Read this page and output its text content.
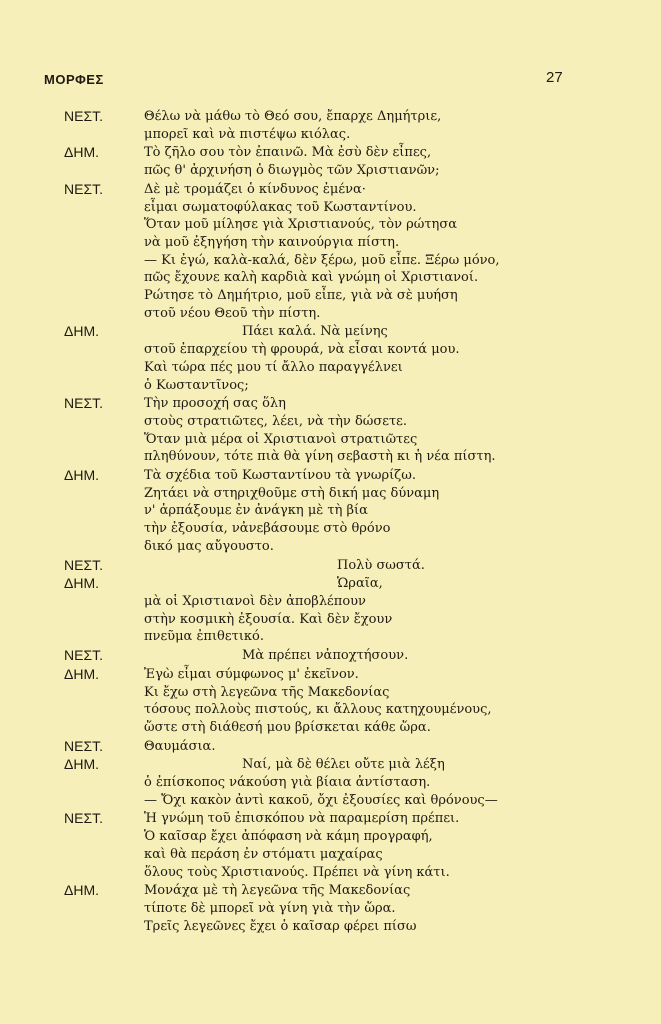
ΜΟΡΦΕΣ	27
ΝΕΣΤ.	Θέλω νὰ μάθω τὸ Θεό σου, ἔπαρχε Δημήτριε,
μπορεῖ καὶ νὰ πιστέψω κιόλας.
ΔΗΜ.	Τὸ ζῆλο σου τὸν ἐπαινῶ. Μὰ ἐσὺ δὲν εἶπες,
πῶς θ' ἀρχινήση ὁ διωγμὸς τῶν Χριστιανῶν;
ΝΕΣΤ.	Δὲ μὲ τρομάζει ὁ κίνδυνος ἐμένα·
εἶμαι σωματοφύλακας τοῦ Κωσταντίνου.
Ὅταν μοῦ μίλησε γιὰ Χριστιανούς, τὸν ρώτησα
νὰ μοῦ ἐξηγήση τὴν καινούργια πίστη.
— Κι ἐγώ, καλὰ-καλά, δὲν ξέρω, μοῦ εἶπε. Ξέρω μόνο,
πῶς ἔχουνε καλὴ καρδιὰ καὶ γνώμη οἱ Χριστιανοί.
Ρώτησε τὸ Δημήτριο, μοῦ εἶπε, γιὰ νὰ σὲ μυήση
στοῦ νέου Θεοῦ τὴν πίστη.
ΔΗΜ.	Πάει καλά. Νὰ μείνης
στοῦ ἐπαρχείου τὴ φρουρά, νὰ εἶσαι κοντά μου.
Καὶ τώρα πές μου τί ἄλλο παραγγέλνει
ὁ Κωσταντῖνος;
ΝΕΣΤ.	Τὴν προσοχή σας ὅλη
στοὺς στρατιῶτες, λέει, νὰ τὴν δώσετε.
Ὅταν μιὰ μέρα οἱ Χριστιανοὶ στρατιῶτες
πληθύνουν, τότε πιὰ θὰ γίνη σεβαστὴ κι ἡ νέα πίστη.
ΔΗΜ.	Τὰ σχέδια τοῦ Κωσταντίνου τὰ γνωρίζω.
Ζητάει νὰ στηριχθοῦμε στὴ δική μας δύναμη
ν' ἁρπάξουμε ἐν ἀνάγκη μὲ τὴ βία
τὴν ἐξουσία, νἀνεβάσουμε στὸ θρόνο
δικό μας αὔγουστο.
ΝΕΣΤ.	Πολὺ σωστά.
ΔΗΜ.	Ὡραῖα,
μὰ οἱ Χριστιανοὶ δὲν ἀποβλέπουν
στὴν κοσμικὴ ἐξουσία. Καὶ δὲν ἔχουν
πνεῦμα ἐπιθετικό.
ΝΕΣΤ.	Μὰ πρέπει νἀποχτήσουν.
ΔΗΜ.	Ἐγὼ εἶμαι σύμφωνος μ' ἐκεῖνον.
Κι ἔχω στὴ λεγεῶνα τῆς Μακεδονίας
τόσους πολλοὺς πιστούς, κι ἄλλους κατηχουμένους,
ὥστε στὴ διάθεσή μου βρίσκεται κάθε ὥρα.
ΝΕΣΤ.	Θαυμάσια.
ΔΗΜ.	Ναί, μὰ δὲ θέλει οὔτε μιὰ λέξη
ὁ ἐπίσκοπος νάκούση γιὰ βίαια ἀντίσταση.
— Ὄχι κακὸν ἀντὶ κακοῦ, ὄχι ἐξουσίες καὶ θρόνους—
ΝΕΣΤ.	Ἡ γνώμη τοῦ ἐπισκόπου νὰ παραμερίση πρέπει.
Ὁ καῖσαρ ἔχει ἀπόφαση νὰ κάμη προγραφή,
καὶ θὰ περάση ἐν στόματι μαχαίρας
ὅλους τοὺς Χριστιανούς. Πρέπει νὰ γίνη κάτι.
ΔΗΜ.	Μονάχα μὲ τὴ λεγεῶνα τῆς Μακεδονίας
τίποτε δὲ μπορεῖ νὰ γίνη γιὰ τὴν ὥρα.
Τρεῖς λεγεῶνες ἔχει ὁ καῖσαρ φέρει πίσω
